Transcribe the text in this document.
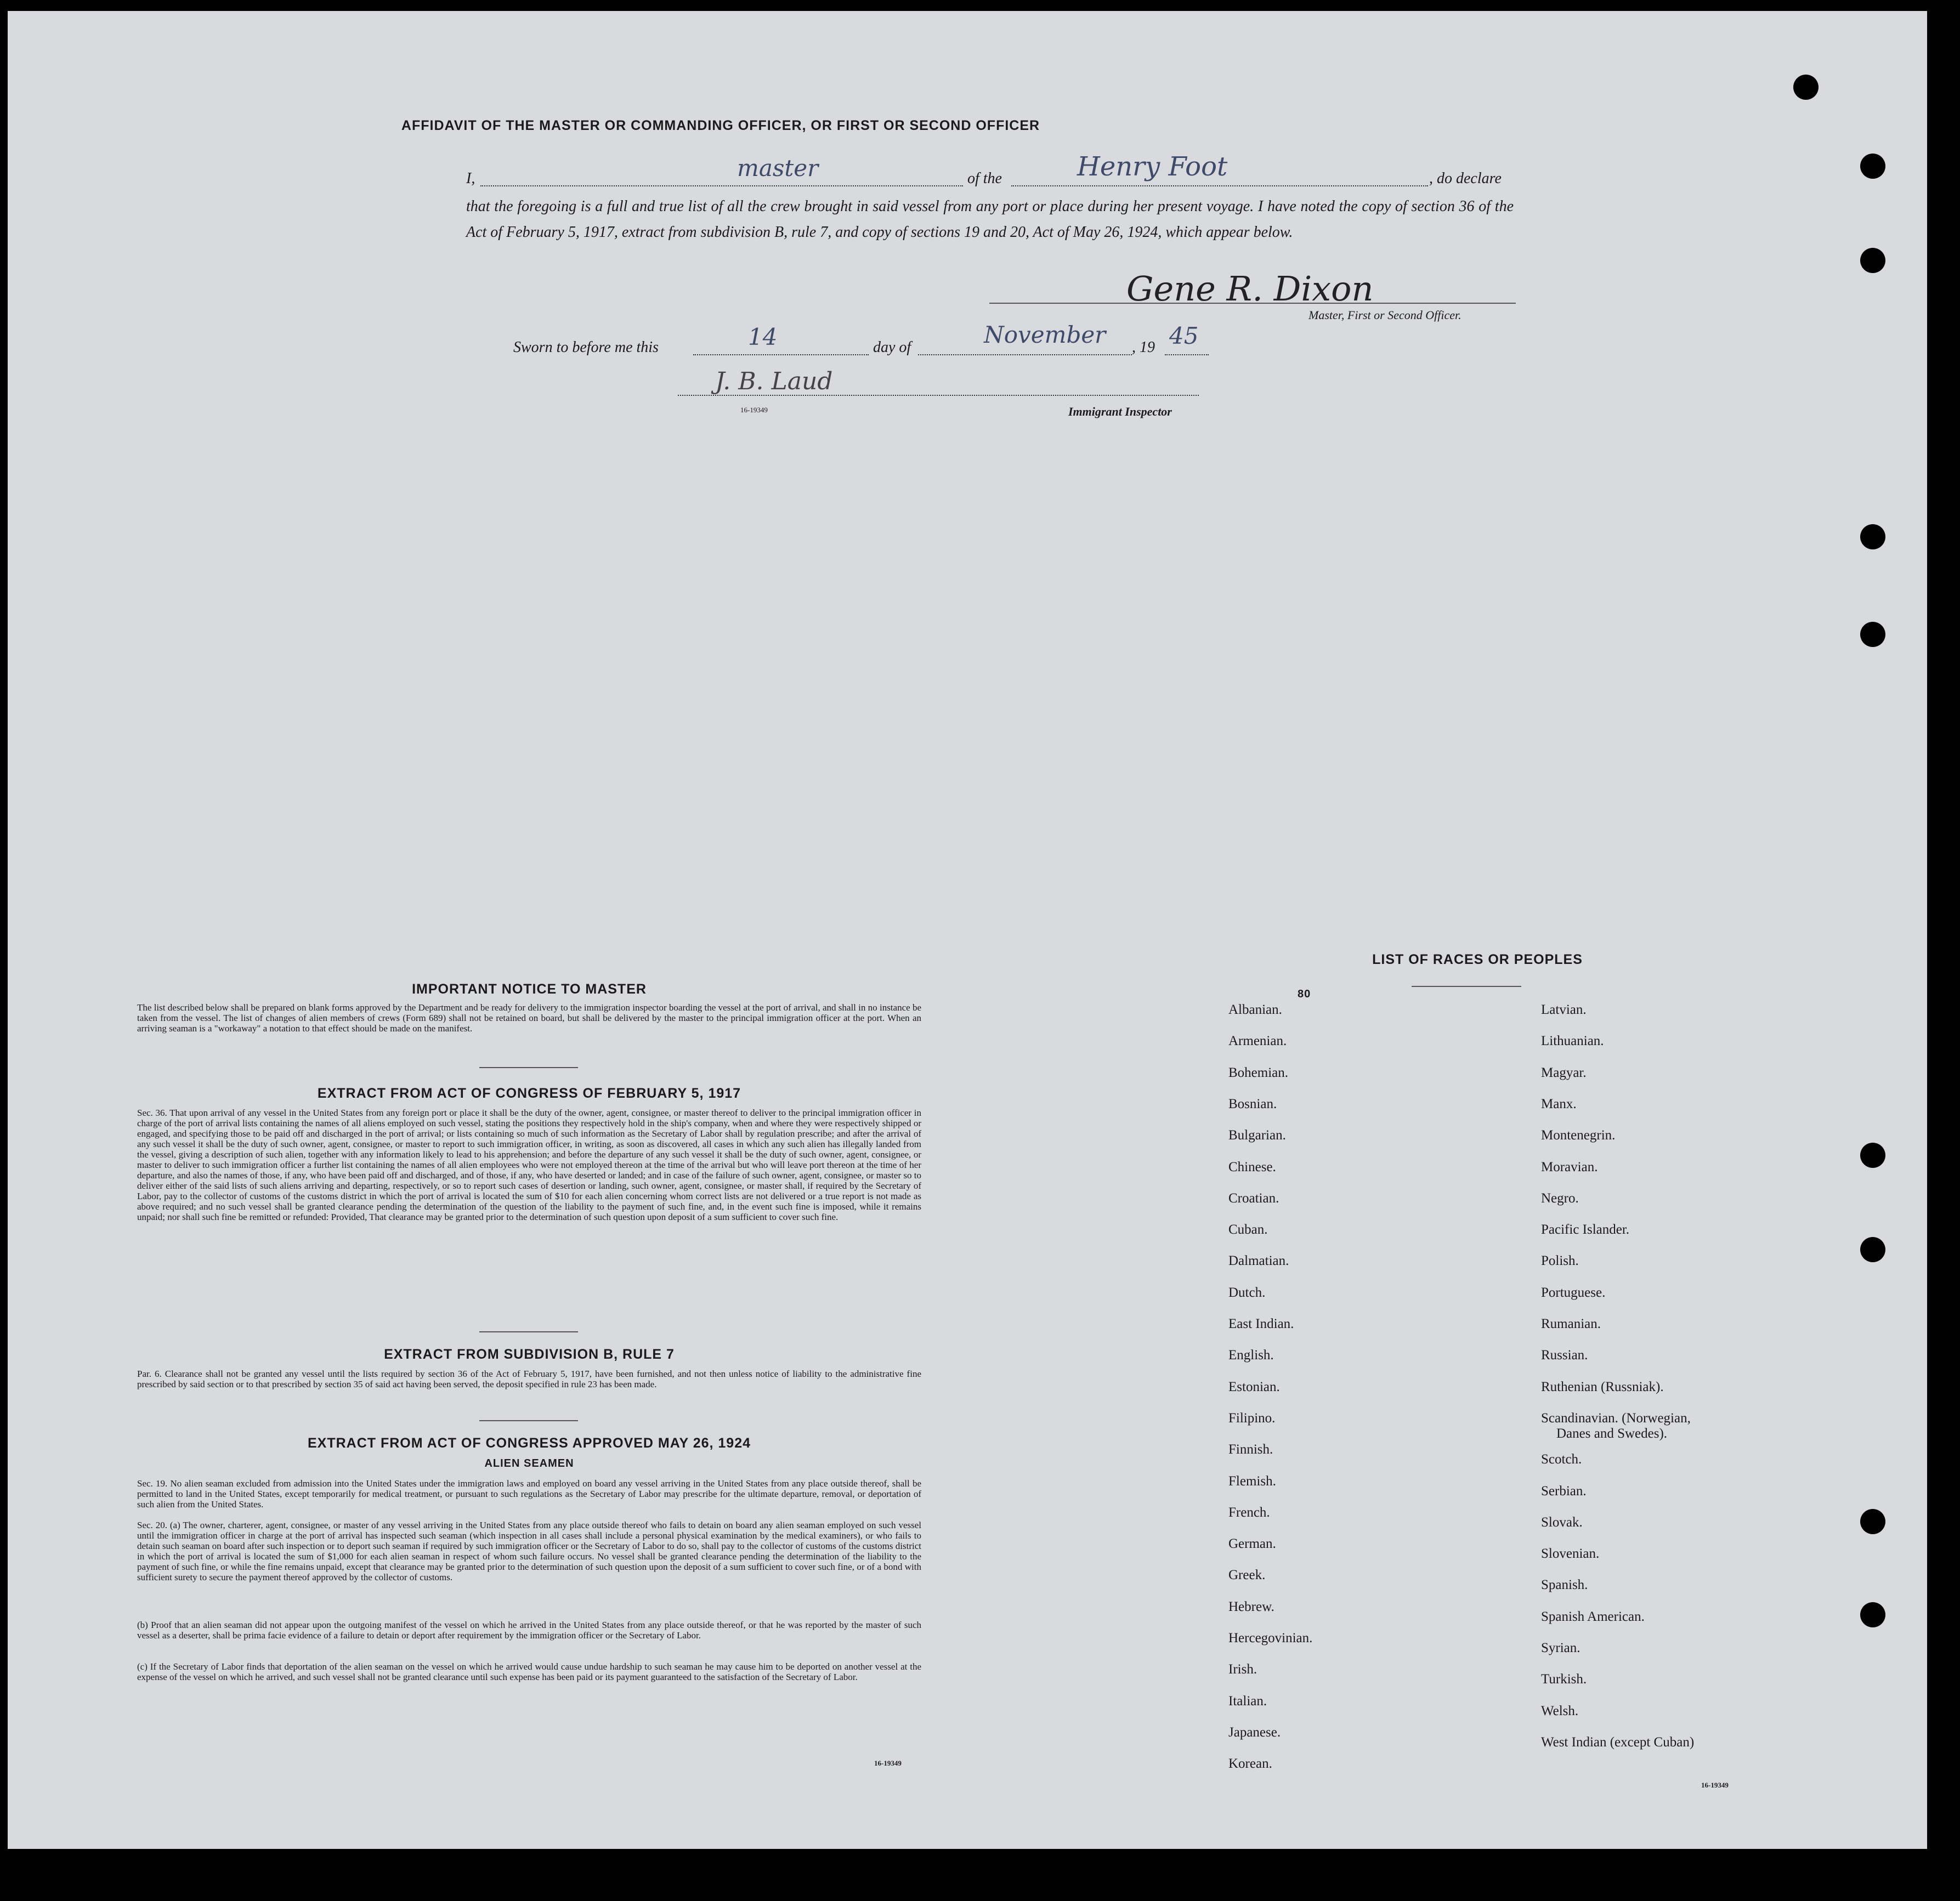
AFFIDAVIT OF THE MASTER OR COMMANDING OFFICER, OR FIRST OR SECOND OFFICER
I,	master	of the	Henry Foot	, do declare
that the foregoing is a full and true list of all the crew brought in said vessel from any port or place during her present voyage. I have noted the copy of section 36 of the Act of February 5, 1917, extract from subdivision B, rule 7, and copy of sections 19 and 20, Act of May 26, 1924, which appear below.
Gene R. Dixon
Master, First or Second Officer.
Sworn to before me this	14	day of	November , 19 45
J. B. Laud
16-19349	Immigrant Inspector
IMPORTANT NOTICE TO MASTER
The list described below shall be prepared on blank forms approved by the Department and be ready for delivery to the immigration inspector boarding the vessel at the port of arrival, and shall in no instance be taken from the vessel. The list of changes of alien members of crews (Form 689) shall not be retained on board, but shall be delivered by the master to the principal immigration officer at the port. When an arriving seaman is a "workaway" a notation to that effect should be made on the manifest.
EXTRACT FROM ACT OF CONGRESS OF FEBRUARY 5, 1917
Sec. 36. That upon arrival of any vessel in the United States from any foreign port or place it shall be the duty of the owner, agent, consignee, or master thereof to deliver to the principal immigration officer in charge of the port of arrival lists containing the names of all aliens employed on such vessel, stating the positions they respectively hold in the ship's company, when and where they were respectively shipped or engaged, and specifying those to be paid off and discharged in the port of arrival; or lists containing so much of such information as the Secretary of Labor shall by regulation prescribe; and after the arrival of any such vessel it shall be the duty of such owner, agent, consignee, or master to report to such immigration officer, in writing, as soon as discovered, all cases in which any such alien has illegally landed from the vessel, giving a description of such alien, together with any information likely to lead to his apprehension; and before the departure of any such vessel it shall be the duty of such owner, agent, consignee, or master to deliver to such immigration officer a further list containing the names of all alien employees who were not employed thereon at the time of the arrival but who will leave port thereon at the time of her departure, and also the names of those, if any, who have been paid off and discharged, and of those, if any, who have deserted or landed; and in case of the failure of such owner, agent, consignee, or master so to deliver either of the said lists of such aliens arriving and departing, respectively, or so to report such cases of desertion or landing, such owner, agent, consignee, or master shall, if required by the Secretary of Labor, pay to the collector of customs of the customs district in which the port of arrival is located the sum of $10 for each alien concerning whom correct lists are not delivered or a true report is not made as above required; and no such vessel shall be granted clearance pending the determination of the question of the liability to the payment of such fine, and, in the event such fine is imposed, while it remains unpaid; nor shall such fine be remitted or refunded: Provided, That clearance may be granted prior to the determination of such question upon deposit of a sum sufficient to cover such fine.
EXTRACT FROM SUBDIVISION B, RULE 7
Par. 6. Clearance shall not be granted any vessel until the lists required by section 36 of the Act of February 5, 1917, have been furnished, and not then unless notice of liability to the administrative fine prescribed by said section or to that prescribed by section 35 of said act having been served, the deposit specified in rule 23 has been made.
EXTRACT FROM ACT OF CONGRESS APPROVED MAY 26, 1924
ALIEN SEAMEN
Sec. 19. No alien seaman excluded from admission into the United States under the immigration laws and employed on board any vessel arriving in the United States from any place outside thereof, shall be permitted to land in the United States, except temporarily for medical treatment, or pursuant to such regulations as the Secretary of Labor may prescribe for the ultimate departure, removal, or deportation of such alien from the United States.
Sec. 20. (a) The owner, charterer, agent, consignee, or master of any vessel arriving in the United States from any place outside thereof who fails to detain on board any alien seaman employed on such vessel until the immigration officer in charge at the port of arrival has inspected such seaman (which inspection in all cases shall include a personal physical examination by the medical examiners), or who fails to detain such seaman on board after such inspection or to deport such seaman if required by such immigration officer or the Secretary of Labor to do so, shall pay to the collector of customs of the customs district in which the port of arrival is located the sum of $1,000 for each alien seaman in respect of whom such failure occurs. No vessel shall be granted clearance pending the determination of the liability to the payment of such fine, or while the fine remains unpaid, except that clearance may be granted prior to the determination of such question upon the deposit of a sum sufficient to cover such fine, or of a bond with sufficient surety to secure the payment thereof approved by the collector of customs.
(b) Proof that an alien seaman did not appear upon the outgoing manifest of the vessel on which he arrived in the United States from any place outside thereof, or that he was reported by the master of such vessel as a deserter, shall be prima facie evidence of a failure to detain or deport after requirement by the immigration officer or the Secretary of Labor.
(c) If the Secretary of Labor finds that deportation of the alien seaman on the vessel on which he arrived would cause undue hardship to such seaman he may cause him to be deported on another vessel at the expense of the vessel on which he arrived, and such vessel shall not be granted clearance until such expense has been paid or its payment guaranteed to the satisfaction of the Secretary of Labor.
16-19349
LIST OF RACES OR PEOPLES
80
Albanian.
Armenian.
Bohemian.
Bosnian.
Bulgarian.
Chinese.
Croatian.
Cuban.
Dalmatian.
Dutch.
East Indian.
English.
Estonian.
Filipino.
Finnish.
Flemish.
French.
German.
Greek.
Hebrew.
Hercegovinian.
Irish.
Italian.
Japanese.
Korean.
Latvian.
Lithuanian.
Magyar.
Manx.
Montenegrin.
Moravian.
Negro.
Pacific Islander.
Polish.
Portuguese.
Rumanian.
Russian.
Ruthenian (Russniak).
Scandinavian. (Norwegian,
Danes and Swedes).
Scotch.
Serbian.
Slovak.
Slovenian.
Spanish.
Spanish American.
Syrian.
Turkish.
Welsh.
West Indian (except Cuban)
16-19349
